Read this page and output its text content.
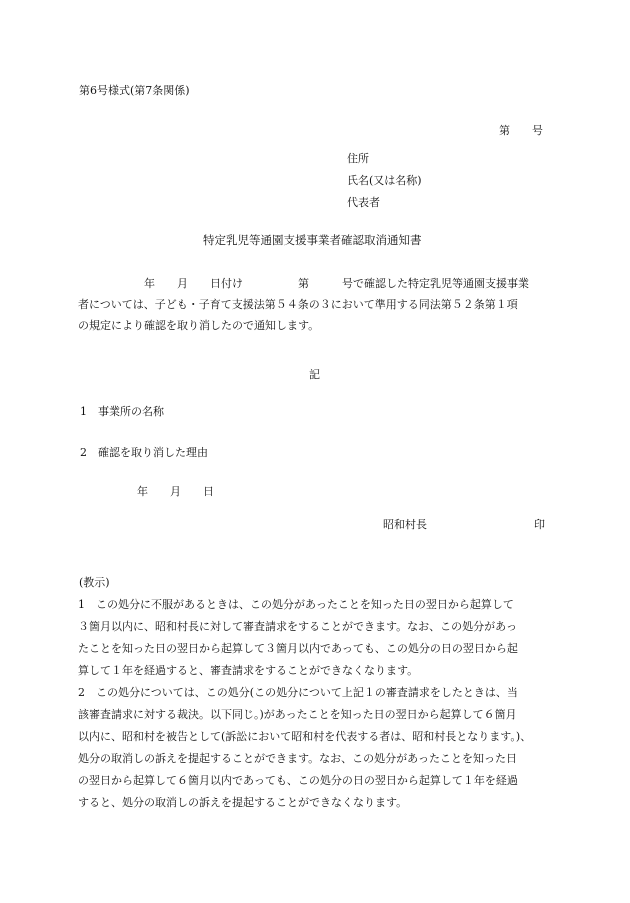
第6号様式(第7条関係)
第　　号
住所
氏名(又は名称)
代表者
特定乳児等通園支援事業者確認取消通知書
　　　　　　年　　月　　日付け　　　　　第　　　号で確認した特定乳児等通園支援事業
者については、子ども・子育て支援法第５４条の３において準用する同法第５２条第１項
の規定により確認を取り消したので通知します。
記
1　事業所の名称
2　確認を取り消した理由
年　　月　　日
昭和村長	印
(教示)
1　この処分に不服があるときは、この処分があったことを知った日の翌日から起算して
３箇月以内に、昭和村長に対して審査請求をすることができます。なお、この処分があっ
たことを知った日の翌日から起算して３箇月以内であっても、この処分の日の翌日から起
算して１年を経過すると、審査請求をすることができなくなります。
2　この処分については、この処分(この処分について上記１の審査請求をしたときは、当
該審査請求に対する裁決。以下同じ。)があったことを知った日の翌日から起算して６箇月
以内に、昭和村を被告として(訴訟において昭和村を代表する者は、昭和村長となります。)、
処分の取消しの訴えを提起することができます。なお、この処分があったことを知った日
の翌日から起算して６箇月以内であっても、この処分の日の翌日から起算して１年を経過
すると、処分の取消しの訴えを提起することができなくなります。
